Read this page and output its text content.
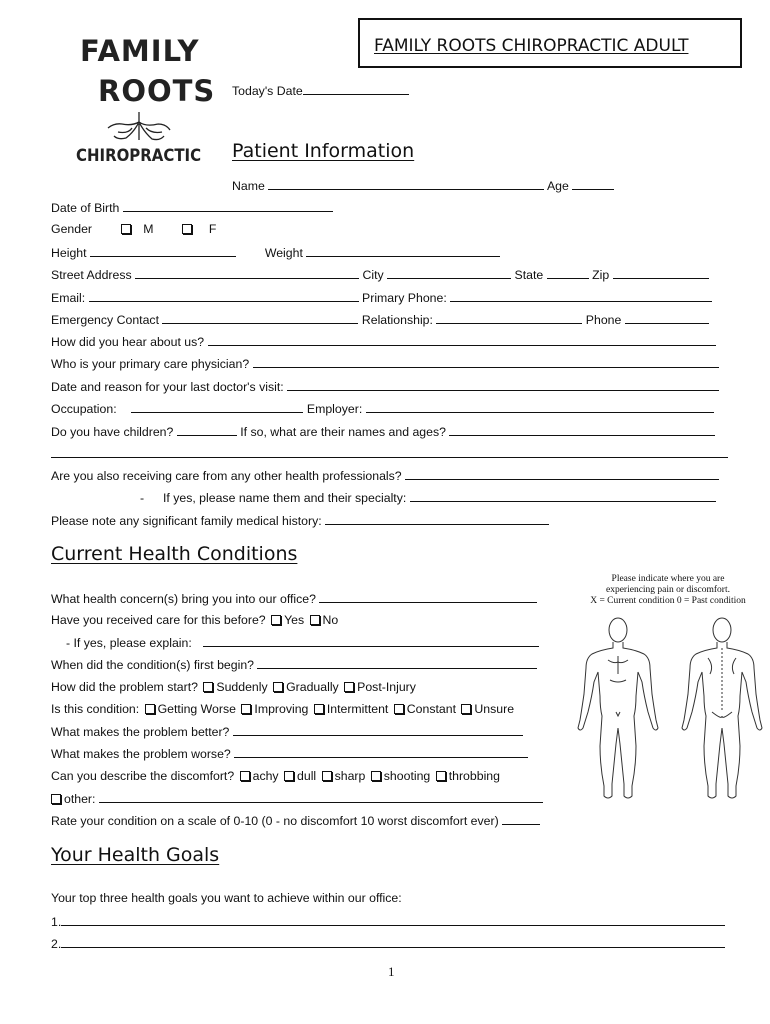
FAMILY
ROOTS
CHIROPRACTIC
FAMILY ROOTS CHIROPRACTIC ADULT
Today's Date
Patient Information
Name	Age
Date of Birth
Gender	M	F
Height	Weight
Street Address	City	State	Zip
Email:	Primary Phone:
Emergency Contact	Relationship:	Phone
How did you hear about us?
Who is your primary care physician?
Date and reason for your last doctor's visit:
Occupation:	Employer:
Do you have children?	If so, what are their names and ages?
Are you also receiving care from any other health professionals?
- If yes, please name them and their specialty:
Please note any significant family medical history:
Current Health Conditions
Please indicate where you are
experiencing pain or discomfort.
X = Current condition 0 = Past condition
What health concern(s) bring you into our office?
Have you received care for this before? Yes No
- If yes, please explain:
When did the condition(s) first begin?
How did the problem start? Suddenly Gradually Post-Injury
Is this condition: Getting Worse Improving Intermittent Constant Unsure
What makes the problem better?
What makes the problem worse?
Can you describe the discomfort? achy dull sharp shooting throbbing
other:
Rate your condition on a scale of 0-10 (0 - no discomfort 10 worst discomfort ever)
Your Health Goals
Your top three health goals you want to achieve within our office:
1.
2.
1
